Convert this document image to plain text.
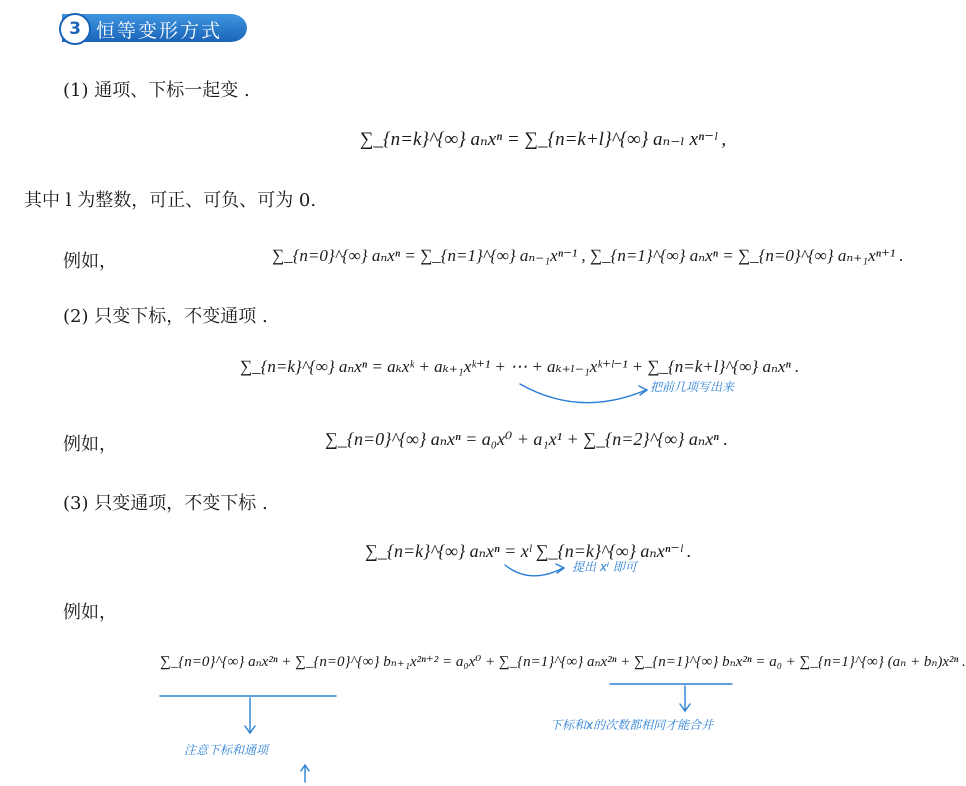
3 恒等变形方式
(1) 通项、下标一起变 .
其中 l 为整数，可正、可负、可为 0.
例如，
(2) 只变下标，不变通项 .
例如，
(3) 只变通项，不变下标 .
例如，
∑_{n=k}^{∞} aₙxⁿ = ∑_{n=k+l}^{∞} aₙ₋ₗ xⁿ⁻ˡ ,
∑_{n=0}^{∞} aₙxⁿ = ∑_{n=1}^{∞} aₙ₋₁xⁿ⁻¹ , ∑_{n=1}^{∞} aₙxⁿ = ∑_{n=0}^{∞} aₙ₊₁xⁿ⁺¹ .
∑_{n=k}^{∞} aₙxⁿ = aₖxᵏ + aₖ₊₁xᵏ⁺¹ + ⋯ + aₖ₊ₗ₋₁xᵏ⁺ˡ⁻¹ + ∑_{n=k+l}^{∞} aₙxⁿ .
∑_{n=0}^{∞} aₙxⁿ = a₀x⁰ + a₁x¹ + ∑_{n=2}^{∞} aₙxⁿ .
∑_{n=k}^{∞} aₙxⁿ = xˡ ∑_{n=k}^{∞} aₙxⁿ⁻ˡ .
∑_{n=0}^{∞} aₙx²ⁿ + ∑_{n=0}^{∞} bₙ₊₁x²ⁿ⁺² = a₀x⁰ + ∑_{n=1}^{∞} aₙx²ⁿ + ∑_{n=1}^{∞} bₙx²ⁿ = a₀ + ∑_{n=1}^{∞} (aₙ + bₙ)x²ⁿ .
把前几项写出来
提出 xˡ 即可
下标和x的次数都相同才能合并
注意下标和通项
